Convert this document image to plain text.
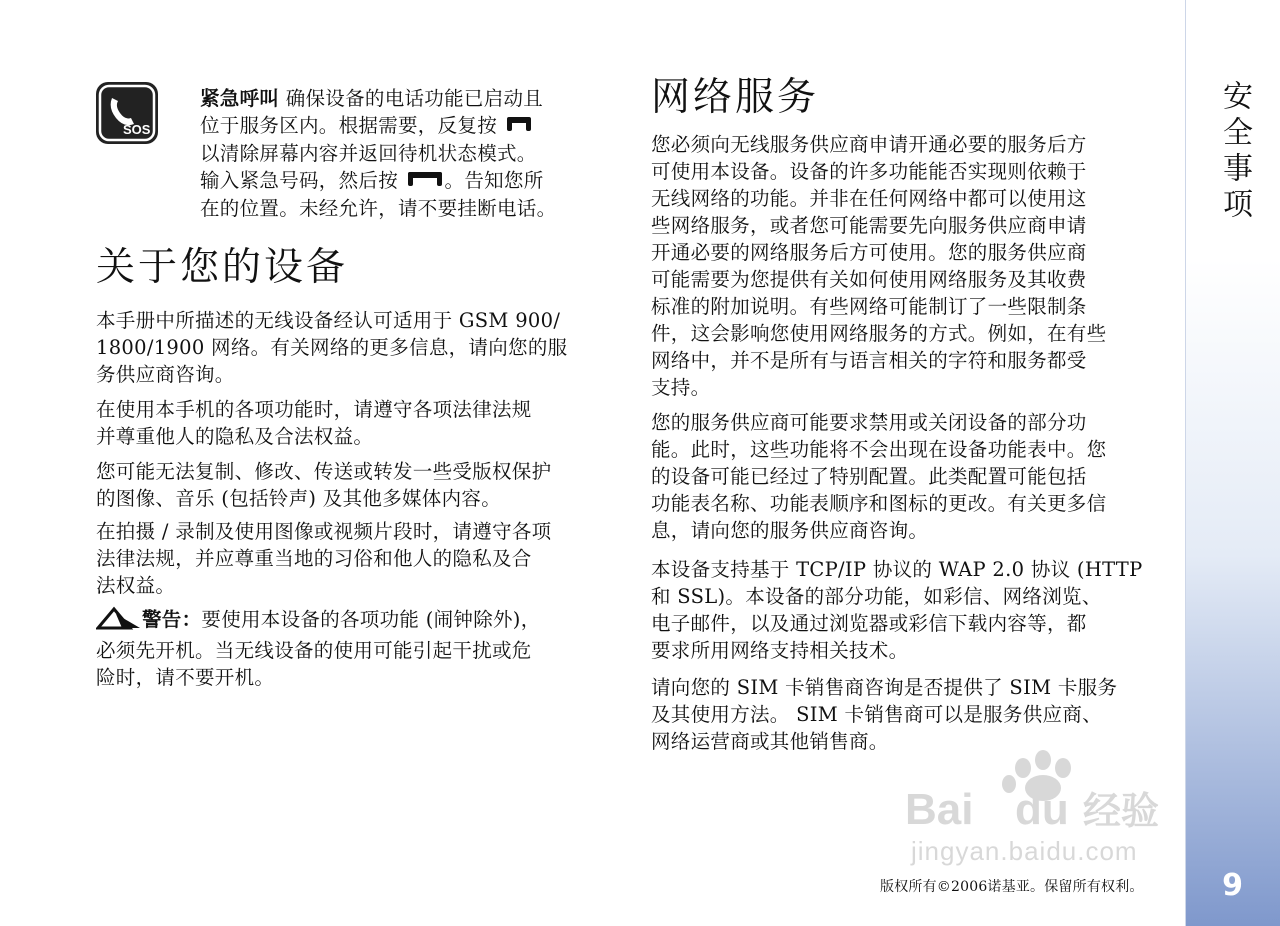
SOS

紧急呼叫 确保设备的电话功能已启动且

位于服务区内。根据需要，反复按

以清除屏幕内容并返回待机状态模式。

输入紧急号码，然后按 。告知您所

在的位置。未经允许，请不要挂断电话。

关于您的设备

本手册中所描述的无线设备经认可适用于 GSM 900/

1800/1900 网络。有关网络的更多信息，请向您的服

务供应商咨询。

在使用本手机的各项功能时，请遵守各项法律法规

并尊重他人的隐私及合法权益。

您可能无法复制、修改、传送或转发一些受版权保护

的图像、音乐 (包括铃声) 及其他多媒体内容。

在拍摄 / 录制及使用图像或视频片段时，请遵守各项

法律法规，并应尊重当地的习俗和他人的隐私及合

法权益。

警告：要使用本设备的各项功能 (闹钟除外)，

必须先开机。当无线设备的使用可能引起干扰或危

险时，请不要开机。

网络服务

您必须向无线服务供应商申请开通必要的服务后方

可使用本设备。设备的许多功能能否实现则依赖于

无线网络的功能。并非在任何网络中都可以使用这

些网络服务，或者您可能需要先向服务供应商申请

开通必要的网络服务后方可使用。您的服务供应商

可能需要为您提供有关如何使用网络服务及其收费

标准的附加说明。有些网络可能制订了一些限制条

件，这会影响您使用网络服务的方式。例如，在有些

网络中，并不是所有与语言相关的字符和服务都受

支持。

您的服务供应商可能要求禁用或关闭设备的部分功

能。此时，这些功能将不会出现在设备功能表中。您

的设备可能已经过了特别配置。此类配置可能包括

功能表名称、功能表顺序和图标的更改。有关更多信

息，请向您的服务供应商咨询。

本设备支持基于 TCP/IP 协议的 WAP 2.0 协议 (HTTP

和 SSL)。本设备的部分功能，如彩信、网络浏览、

电子邮件，以及通过浏览器或彩信下载内容等，都

要求所用网络支持相关技术。

请向您的 SIM 卡销售商咨询是否提供了 SIM 卡服务

及其使用方法。 SIM 卡销售商可以是服务供应商、

网络运营商或其他销售商。

安全事项
9
Bai du 经验
jingyan.baidu.com
版权所有©2006诺基亚。保留所有权利。
